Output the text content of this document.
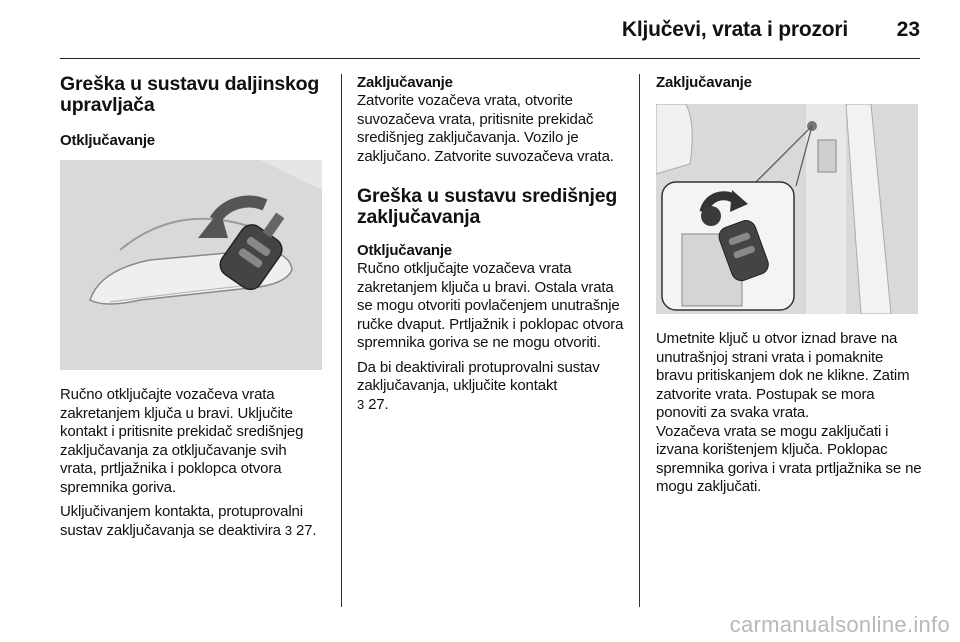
Ključevi, vrata i prozori 23
Greška u sustavu daljinskog upravljača
Otključavanje

Ručno otključajte vozačeva vrata zakretanjem ključa u bravi. Uključite kontakt i pritisnite prekidač središnjeg zaključavanja za otključavanje svih vrata, prtljažnika i poklopca otvora spremnika goriva.

Uključivanjem kontakta, protuprovalni sustav zaključavanja se deaktivira 3 27.

Zaključavanje

Zatvorite vozačeva vrata, otvorite suvozačeva vrata, pritisnite prekidač središnjeg zaključavanja. Vozilo je zaključano. Zatvorite suvozačeva vrata.

Greška u sustavu središnjeg zaključavanja
Otključavanje

Ručno otključajte vozačeva vrata zakretanjem ključa u bravi. Ostala vrata se mogu otvoriti povlačenjem unutrašnje ručke dvaput. Prtljažnik i poklopac otvora spremnika goriva se ne mogu otvoriti.

Da bi deaktivirali protuprovalni sustav zaključavanja, uključite kontakt
3 27.

Zaključavanje

Umetnite ključ u otvor iznad brave na unutrašnjoj strani vrata i pomaknite bravu pritiskanjem dok ne klikne. Zatim zatvorite vrata. Postupak se mora ponoviti za svaka vrata.

Vozačeva vrata se mogu zaključati i izvana korištenjem ključa. Poklopac spremnika goriva i vrata prtljažnika se ne mogu zaključati.

carmanualsonline.info
